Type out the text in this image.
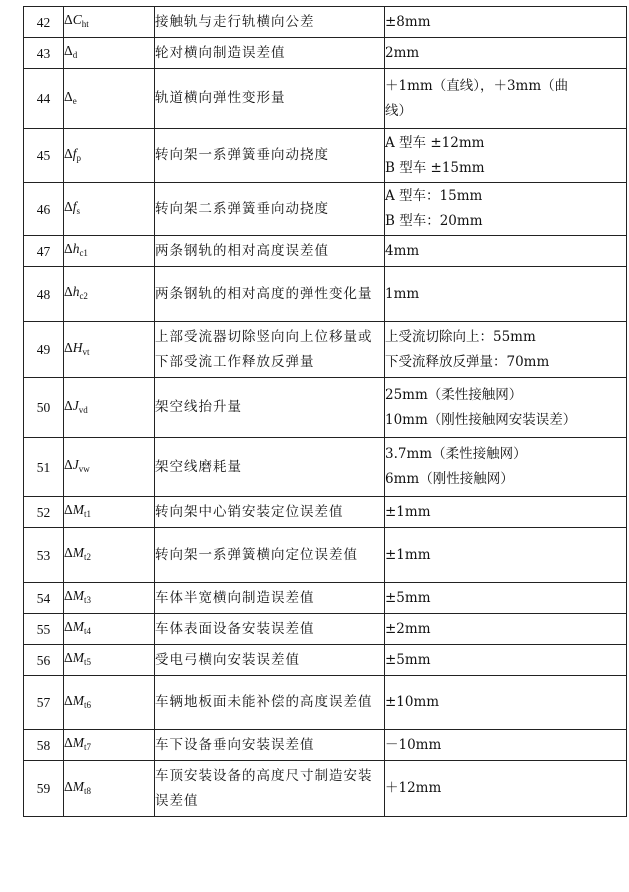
42	$\Delta C_{ht}$	接触轨与走行轨横向公差	±8mm

43	$\Delta_d$	轮对横向制造误差值	2mm

44	$\Delta_e$	轨道横向弹性变形量	＋1mm（直线），＋3mm（曲
线）

45	$\Delta f_p$	转向架一系弹簧垂向动挠度	A 型车 ±12mm
B 型车 ±15mm

46	$\Delta f_s$	转向架二系弹簧垂向动挠度	A 型车：15mm
B 型车：20mm

47	$\Delta h_{c1}$	两条钢轨的相对高度误差值	4mm

48	$\Delta h_{c2}$	两条钢轨的相对高度的弹性变化量	1mm

49	$\Delta H_{vt}$	上部受流器切除竖向向上位移量或下部受流工作释放反弹量	上受流切除向上：55mm
下受流释放反弹量：70mm

50	$\Delta J_{vd}$	架空线抬升量	25mm（柔性接触网）
10mm（刚性接触网安装误差）

51	$\Delta J_{vw}$	架空线磨耗量	3.7mm（柔性接触网）
6mm（刚性接触网）

52	$\Delta M_{t1}$	转向架中心销安装定位误差值	±1mm

53	$\Delta M_{t2}$	转向架一系弹簧横向定位误差值	±1mm

54	$\Delta M_{t3}$	车体半宽横向制造误差值	±5mm

55	$\Delta M_{t4}$	车体表面设备安装误差值	±2mm

56	$\Delta M_{t5}$	受电弓横向安装误差值	±5mm

57	$\Delta M_{t6}$	车辆地板面未能补偿的高度误差值	±10mm

58	$\Delta M_{t7}$	车下设备垂向安装误差值	－10mm

59	$\Delta M_{t8}$	车顶安装设备的高度尺寸制造安装误差值	＋12mm
